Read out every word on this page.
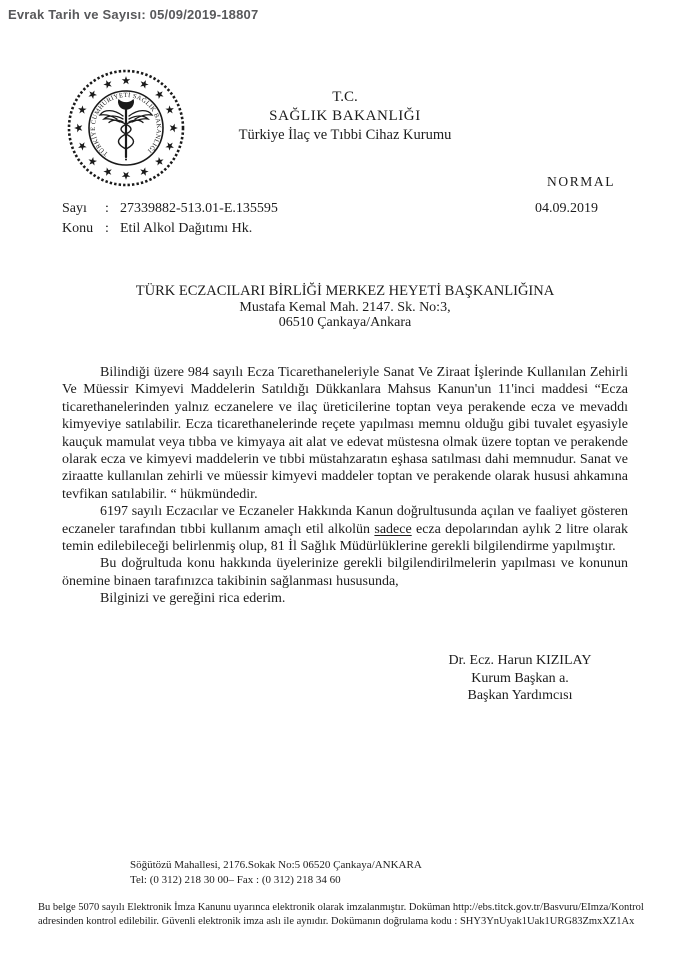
Evrak Tarih ve Sayısı: 05/09/2019-18807
TÜRKİYE CUMHURİYETİ SAĞLIK BAKANLIĞI
T.C.
SAĞLIK BAKANLIĞI
Türkiye İlaç ve Tıbbi Cihaz Kurumu
NORMAL
Sayı	: 27339882-513.01-E.135595
Konu : Etil Alkol Dağıtımı Hk.
04.09.2019
TÜRK ECZACILARI BİRLİĞİ MERKEZ HEYETİ BAŞKANLIĞINA
Mustafa Kemal Mah. 2147. Sk. No:3,
06510 Çankaya/Ankara

Bilindiği üzere 984 sayılı Ecza Ticarethaneleriyle Sanat Ve Ziraat İşlerinde Kullanılan Zehirli Ve Müessir Kimyevi Maddelerin Satıldığı Dükkanlara Mahsus Kanun'un 11'inci maddesi “Ecza ticarethanelerinden yalnız eczanelere ve ilaç üreticilerine toptan veya perakende ecza ve mevaddı kimyeviye satılabilir. Ecza ticarethanelerinde reçete yapılması memnu olduğu gibi tuvalet eşyasiyle kauçuk mamulat veya tıbba ve kimyaya ait alat ve edevat müstesna olmak üzere toptan ve perakende olarak ecza ve kimyevi maddelerin ve tıbbi müstahzaratın eşhasa satılması dahi memnudur. Sanat ve ziraatte kullanılan zehirli ve müessir kimyevi maddeler toptan ve perakende olarak hususi ahkamına tevfikan satılabilir. “ hükmündedir.

6197 sayılı Eczacılar ve Eczaneler Hakkında Kanun doğrultusunda açılan ve faaliyet gösteren eczaneler tarafından tıbbi kullanım amaçlı etil alkolün sadece ecza depolarından aylık 2 litre olarak temin edilebileceği belirlenmiş olup, 81 İl Sağlık Müdürlüklerine gerekli bilgilendirme yapılmıştır.

Bu doğrultuda konu hakkında üyelerinize gerekli bilgilendirilmelerin yapılması ve konunun önemine binaen tarafınızca takibinin sağlanması hususunda,

Bilginizi ve gereğini rica ederim.

Dr. Ecz. Harun KIZILAY
Kurum Başkan a.
Başkan Yardımcısı
Söğütözü Mahallesi, 2176.Sokak No:5 06520 Çankaya/ANKARA
Tel: (0 312) 218 30 00– Fax : (0 312) 218 34 60
Bu belge 5070 sayılı Elektronik İmza Kanunu uyarınca elektronik olarak imzalanmıştır. Doküman http://ebs.titck.gov.tr/Basvuru/EImza/Kontrol
adresinden kontrol edilebilir. Güvenli elektronik imza aslı ile aynıdır. Dokümanın doğrulama kodu : SHY3YnUyak1Uak1URG83ZmxXZ1Ax
